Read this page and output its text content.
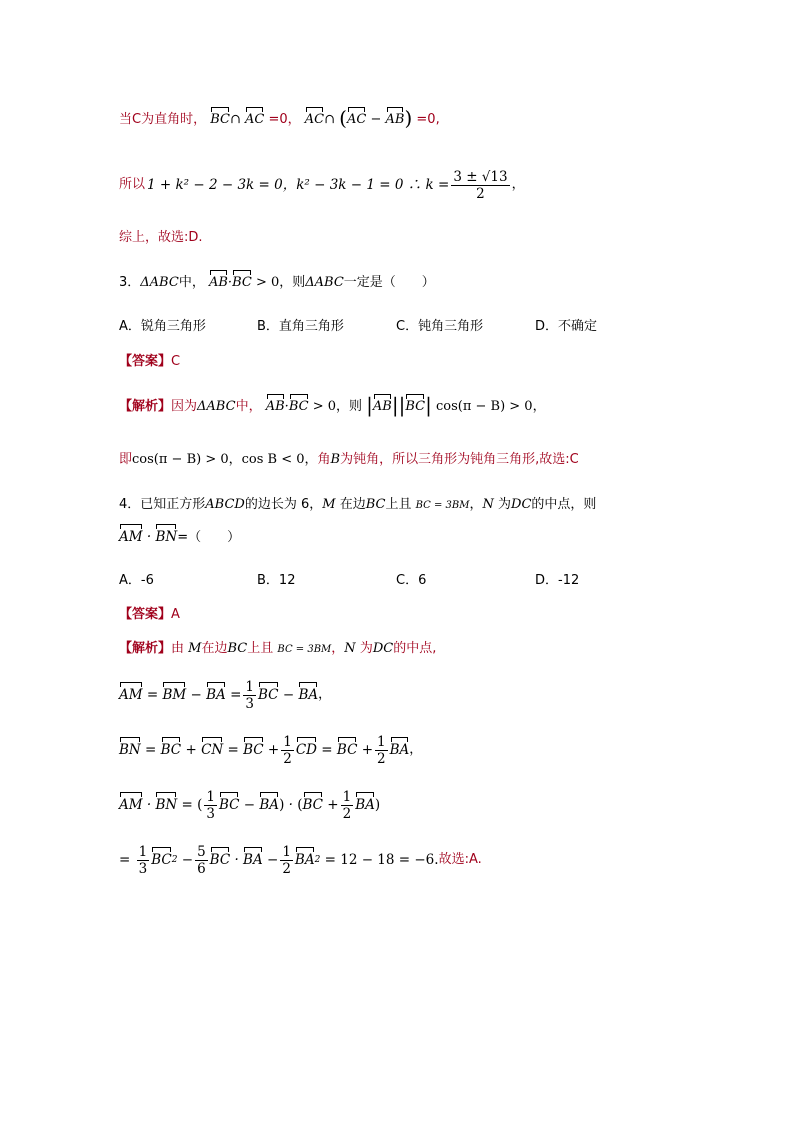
当C为直角时， BC∩ AC =0， AC∩ (AC − AB) =0,
所以 1 + k² − 2 − 3k = 0，k² − 3k − 1 = 0 ∴ $k = \frac{3 \pm √13}{2}$ ，
综上，故选:D.
3．ΔABC中， AB·BC > 0，则ΔABC一定是（　　）
A．锐角三角形	B．直角三角形	C．钝角三角形	D．不确定
【答案】C
【解析】因为ΔABC中， AB·BC > 0，则 |AB||BC| cos(π − B) > 0，
即cos(π − B) > 0，cos B < 0，角B为钝角，所以三角形为钝角三角形,故选:C
4．已知正方形ABCD的边长为 6，M 在边BC上且 BC = 3BM，N 为DC的中点，则
AM · BN=（　　）
A．-6	B．12	C．6	D．-12
【答案】A
【解析】由 M在边BC上且 BC = 3BM，N 为DC的中点,
AM = BM − BA = $\frac{1}{3}$ BC − BA ，
BN = BC + CN = BC + $\frac{1}{2}$ CD = BC + $\frac{1}{2}$ BA ，
AM · BN = ( $\frac{1}{3}$ BC − BA ) · ( BC + $\frac{1}{2}$ BA )
= $\frac{1}{3}$ BC $2 - \frac{5}{6}$ BC · BA − $\frac{1}{2}$ BA 2
= 12 − 18 = −6. 故选:A.
